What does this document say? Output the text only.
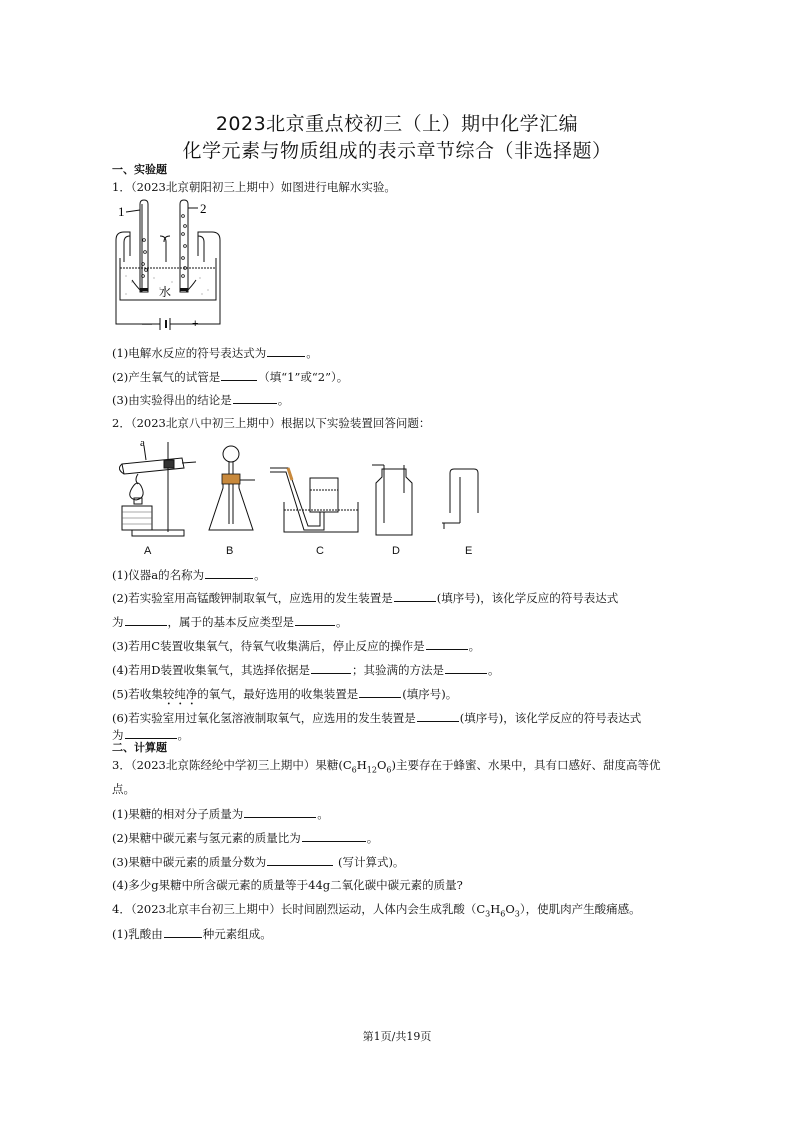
2023北京重点校初三（上）期中化学汇编
化学元素与物质组成的表示章节综合（非选择题）
一、实验题
1．（2023北京朝阳初三上期中）如图进行电解水实验。
1	2
水
—	+
(1)电解水反应的符号表达式为	。
(2)产生氧气的试管是	（填“1”或“2”）。
(3)由实验得出的结论是	。
2．（2023北京八中初三上期中）根据以下实验装置回答问题：
a
A	B	C	D	E
(1)仪器a的名称为	。
(2)若实验室用高锰酸钾制取氧气，应选用的发生装置是	(填序号)，该化学反应的符号表达式
为	，属于的基本反应类型是	。
(3)若用C装置收集氧气，待氧气收集满后，停止反应的操作是	。
(4)若用D装置收集氧气，其选择依据是	；其验满的方法是	。
(5)若收集较纯净的氧气，最好选用的收集装置是	(填序号)。
(6)若实验室用过氧化氢溶液制取氧气，应选用的发生装置是	(填序号)，该化学反应的符号表达式
为	。
二、计算题
3．（2023北京陈经纶中学初三上期中）果糖$(C_6H_{12}O_6)$主要存在于蜂蜜、水果中，具有口感好、甜度高等优
点。
(1)果糖的相对分子质量为	。
(2)果糖中碳元素与氢元素的质量比为	。
(3)果糖中碳元素的质量分数为	(写计算式)。
(4)多少g果糖中所含碳元素的质量等于44g二氧化碳中碳元素的质量?
4．（2023北京丰台初三上期中）长时间剧烈运动，人体内会生成乳酸$(C_3H_6O_3)$，使肌肉产生酸痛感。
(1)乳酸由	种元素组成。
第1页/共19页
